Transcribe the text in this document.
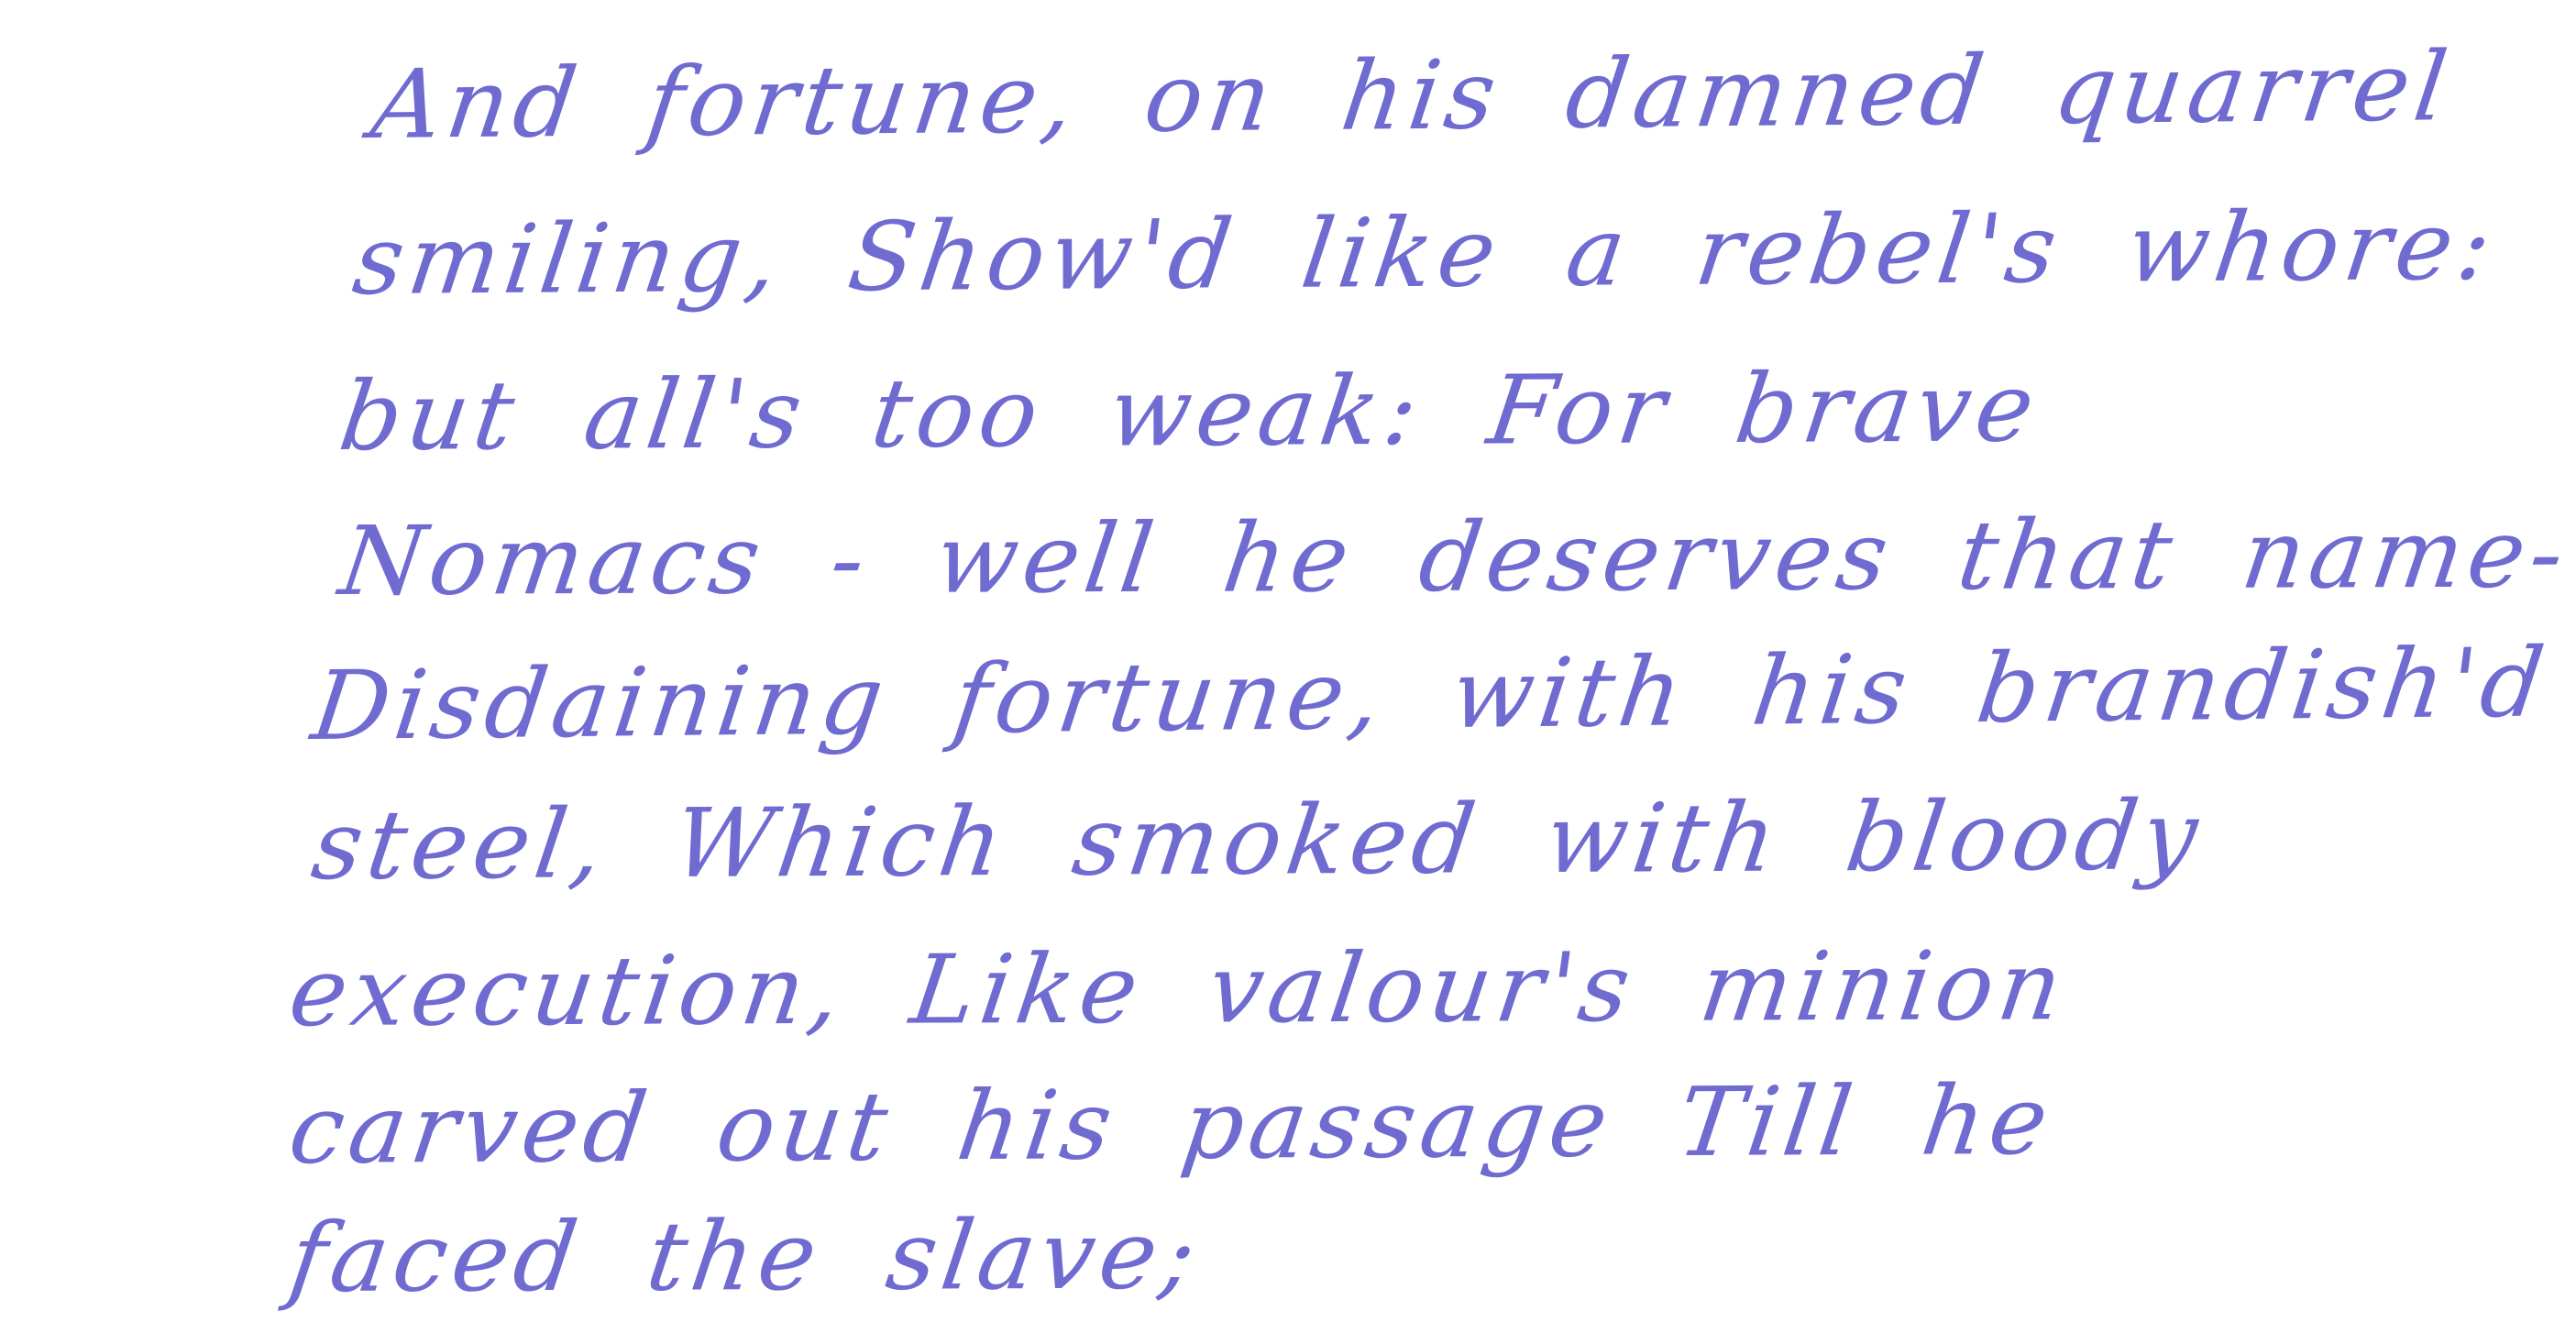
And fortune, on his damned quarrel
smiling, Show'd like a rebel's whore:
but all's too weak: For brave
Nomacs - well he deserves that name-
Disdaining fortune, with his brandish'd
steel, Which smoked with bloody
execution, Like valour's minion
carved out his passage Till he
faced the slave;
